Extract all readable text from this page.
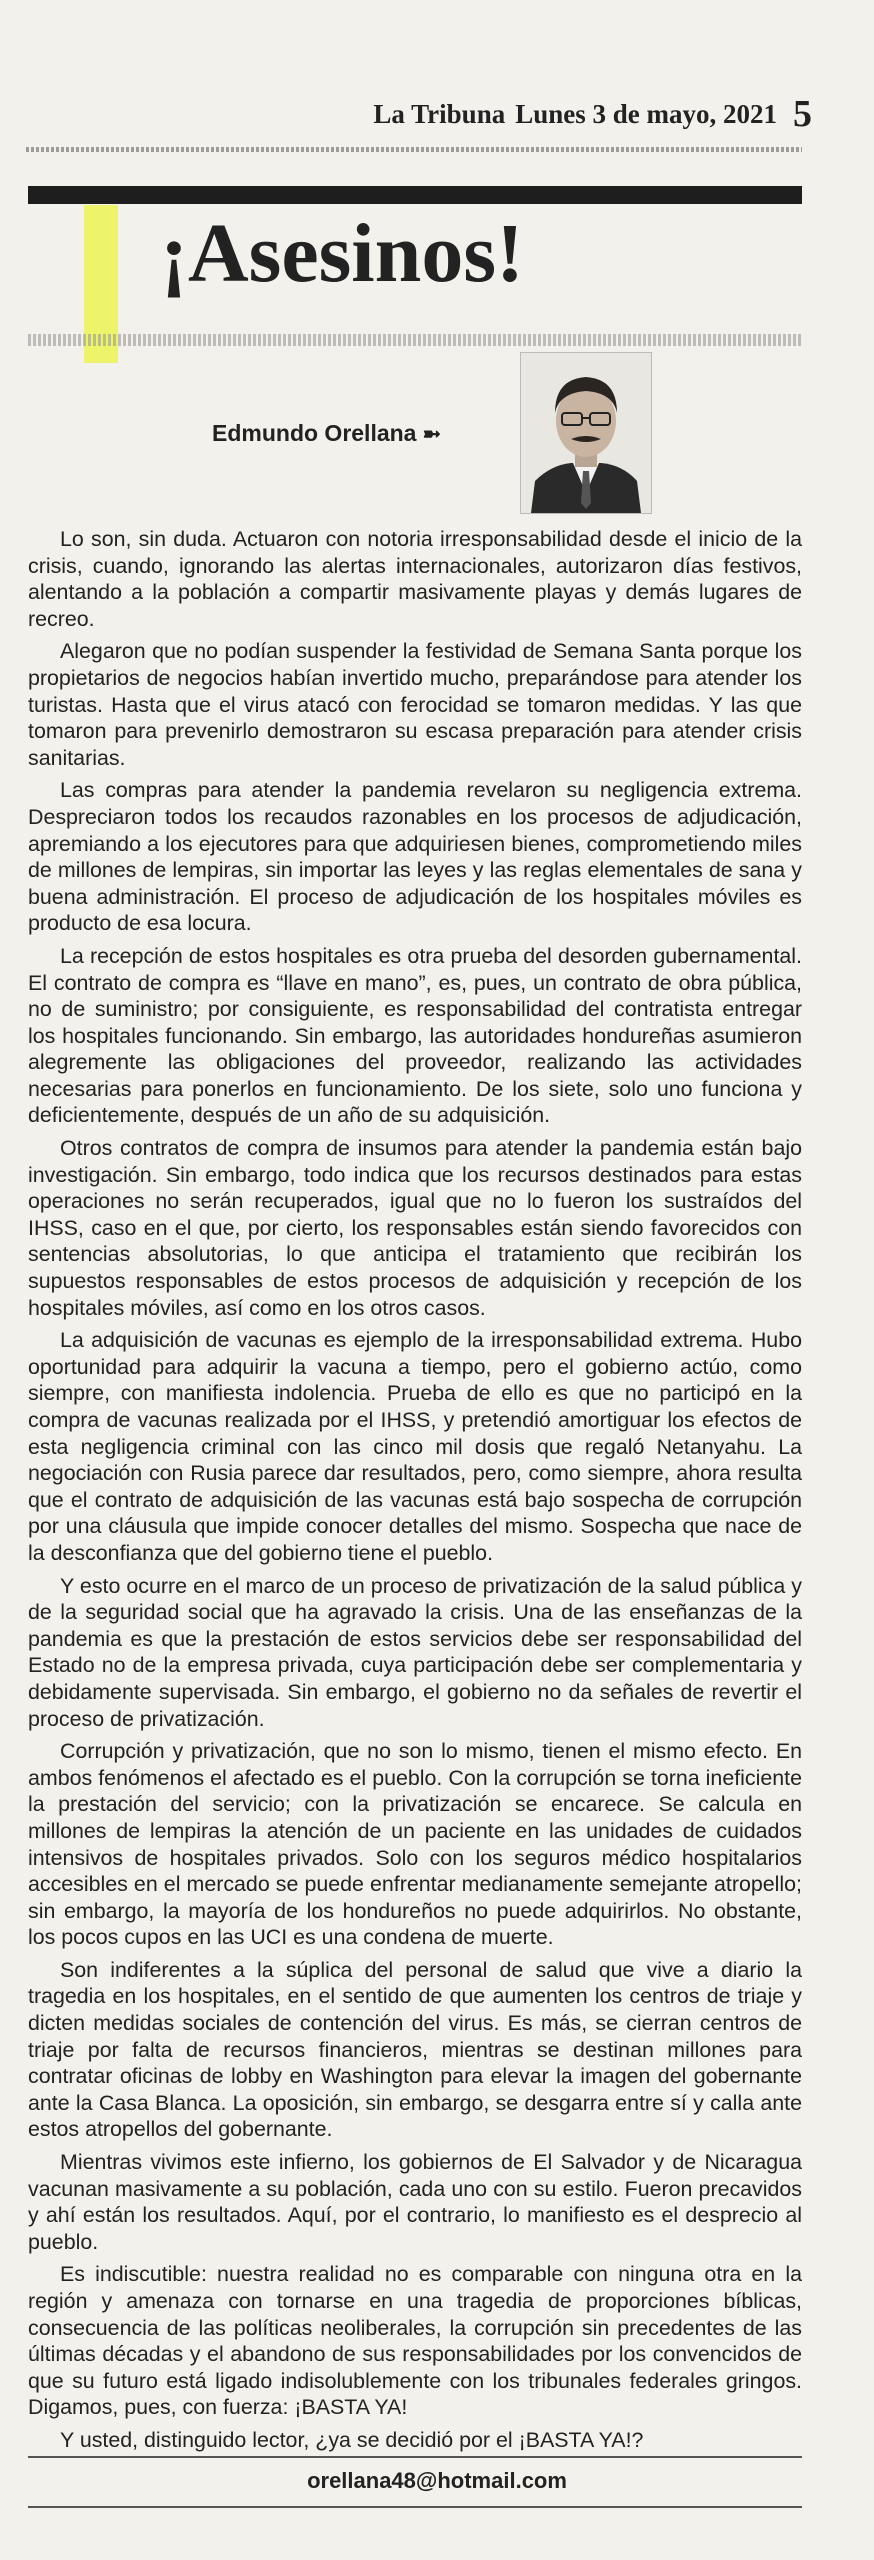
La Tribuna Lunes 3 de mayo, 2021 5
¡Asesinos!
Edmundo Orellana ➼

Lo son, sin duda. Actuaron con notoria irresponsabilidad desde el inicio de la crisis, cuando, ignorando las alertas internacionales, autorizaron días festivos, alentando a la población a compartir masivamente playas y demás lugares de recreo.

Alegaron que no podían suspender la festividad de Semana Santa porque los propietarios de negocios habían invertido mucho, preparándose para atender los turistas. Hasta que el virus atacó con ferocidad se tomaron medidas. Y las que tomaron para prevenirlo demostraron su escasa preparación para atender crisis sanitarias.

Las compras para atender la pandemia revelaron su negligencia extrema. Despreciaron todos los recaudos razonables en los procesos de adjudicación, apremiando a los ejecutores para que adquiriesen bienes, comprometiendo miles de millones de lempiras, sin importar las leyes y las reglas elementales de sana y buena administración. El proceso de adjudicación de los hospitales móviles es producto de esa locura.

La recepción de estos hospitales es otra prueba del desorden gubernamental. El contrato de compra es “llave en mano”, es, pues, un contrato de obra pública, no de suministro; por consiguiente, es responsabilidad del contratista entregar los hospitales funcionando. Sin embargo, las autoridades hondureñas asumieron alegremente las obligaciones del proveedor, realizando las actividades necesarias para ponerlos en funcionamiento. De los siete, solo uno funciona y deficientemente, después de un año de su adquisición.

Otros contratos de compra de insumos para atender la pandemia están bajo investigación. Sin embargo, todo indica que los recursos destinados para estas operaciones no serán recuperados, igual que no lo fueron los sustraídos del IHSS, caso en el que, por cierto, los responsables están siendo favorecidos con sentencias absolutorias, lo que anticipa el tratamiento que recibirán los supuestos responsables de estos procesos de adquisición y recepción de los hospitales móviles, así como en los otros casos.

La adquisición de vacunas es ejemplo de la irresponsabilidad extrema. Hubo oportunidad para adquirir la vacuna a tiempo, pero el gobierno actúo, como siempre, con manifiesta indolencia. Prueba de ello es que no participó en la compra de vacunas realizada por el IHSS, y pretendió amortiguar los efectos de esta negligencia criminal con las cinco mil dosis que regaló Netanyahu. La negociación con Rusia parece dar resultados, pero, como siempre, ahora resulta que el contrato de adquisición de las vacunas está bajo sospecha de corrupción por una cláusula que impide conocer detalles del mismo. Sospecha que nace de la desconfianza que del gobierno tiene el pueblo.

Y esto ocurre en el marco de un proceso de privatización de la salud pública y de la seguridad social que ha agravado la crisis. Una de las enseñanzas de la pandemia es que la prestación de estos servicios debe ser responsabilidad del Estado no de la empresa privada, cuya participación debe ser complementaria y debidamente supervisada. Sin embargo, el gobierno no da señales de revertir el proceso de privatización.

Corrupción y privatización, que no son lo mismo, tienen el mismo efecto. En ambos fenómenos el afectado es el pueblo. Con la corrupción se torna ineficiente la prestación del servicio; con la privatización se encarece. Se calcula en millones de lempiras la atención de un paciente en las unidades de cuidados intensivos de hospitales privados. Solo con los seguros médico hospitalarios accesibles en el mercado se puede enfrentar medianamente semejante atropello; sin embargo, la mayoría de los hondureños no puede adquirirlos. No obstante, los pocos cupos en las UCI es una condena de muerte.

Son indiferentes a la súplica del personal de salud que vive a diario la tragedia en los hospitales, en el sentido de que aumenten los centros de triaje y dicten medidas sociales de contención del virus. Es más, se cierran centros de triaje por falta de recursos financieros, mientras se destinan millones para contratar oficinas de lobby en Washington para elevar la imagen del gobernante ante la Casa Blanca. La oposición, sin embargo, se desgarra entre sí y calla ante estos atropellos del gobernante.

Mientras vivimos este infierno, los gobiernos de El Salvador y de Nicaragua vacunan masivamente a su población, cada uno con su estilo. Fueron precavidos y ahí están los resultados. Aquí, por el contrario, lo manifiesto es el desprecio al pueblo.

Es indiscutible: nuestra realidad no es comparable con ninguna otra en la región y amenaza con tornarse en una tragedia de proporciones bíblicas, consecuencia de las políticas neoliberales, la corrupción sin precedentes de las últimas décadas y el abandono de sus responsabilidades por los convencidos de que su futuro está ligado indisolublemente con los tribunales federales gringos. Digamos, pues, con fuerza: ¡BASTA YA!

Y usted, distinguido lector, ¿ya se decidió por el ¡BASTA YA!?

orellana48@hotmail.com
